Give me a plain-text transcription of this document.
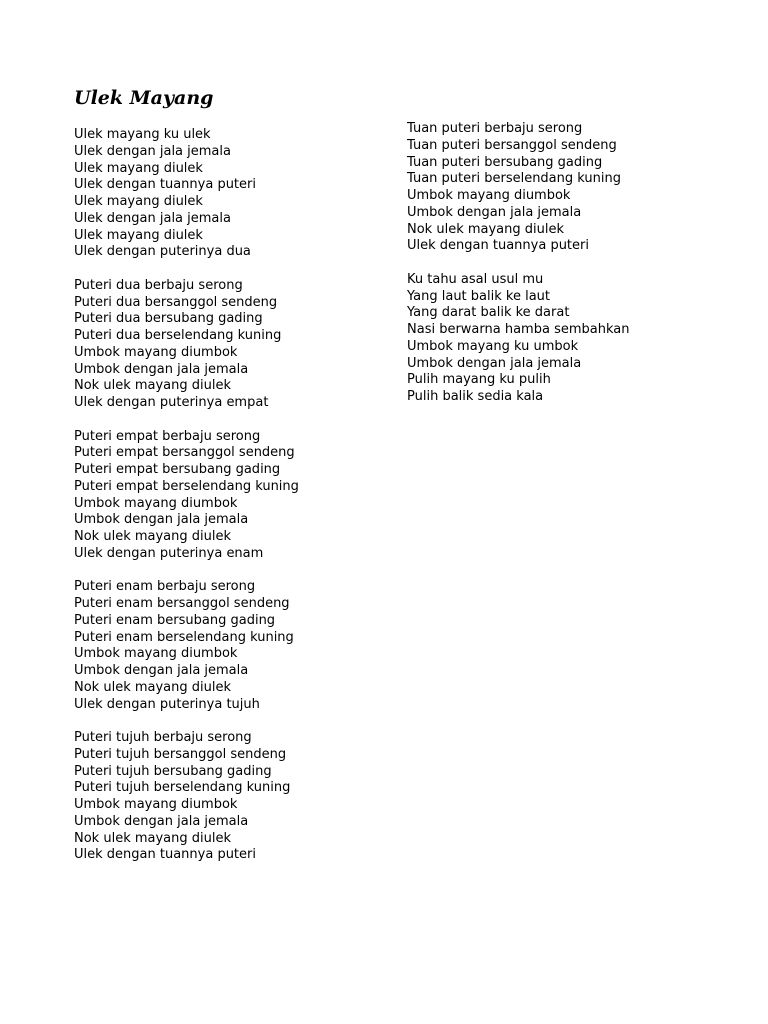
Ulek Mayang
Ulek mayang ku ulek
Ulek dengan jala jemala
Ulek mayang diulek
Ulek dengan tuannya puteri
Ulek mayang diulek
Ulek dengan jala jemala
Ulek mayang diulek
Ulek dengan puterinya dua
Puteri dua berbaju serong
Puteri dua bersanggol sendeng
Puteri dua bersubang gading
Puteri dua berselendang kuning
Umbok mayang diumbok
Umbok dengan jala jemala
Nok ulek mayang diulek
Ulek dengan puterinya empat
Puteri empat berbaju serong
Puteri empat bersanggol sendeng
Puteri empat bersubang gading
Puteri empat berselendang kuning
Umbok mayang diumbok
Umbok dengan jala jemala
Nok ulek mayang diulek
Ulek dengan puterinya enam
Puteri enam berbaju serong
Puteri enam bersanggol sendeng
Puteri enam bersubang gading
Puteri enam berselendang kuning
Umbok mayang diumbok
Umbok dengan jala jemala
Nok ulek mayang diulek
Ulek dengan puterinya tujuh
Puteri tujuh berbaju serong
Puteri tujuh bersanggol sendeng
Puteri tujuh bersubang gading
Puteri tujuh berselendang kuning
Umbok mayang diumbok
Umbok dengan jala jemala
Nok ulek mayang diulek
Ulek dengan tuannya puteri
Tuan puteri berbaju serong
Tuan puteri bersanggol sendeng
Tuan puteri bersubang gading
Tuan puteri berselendang kuning
Umbok mayang diumbok
Umbok dengan jala jemala
Nok ulek mayang diulek
Ulek dengan tuannya puteri
Ku tahu asal usul mu
Yang laut balik ke laut
Yang darat balik ke darat
Nasi berwarna hamba sembahkan
Umbok mayang ku umbok
Umbok dengan jala jemala
Pulih mayang ku pulih
Pulih balik sedia kala
